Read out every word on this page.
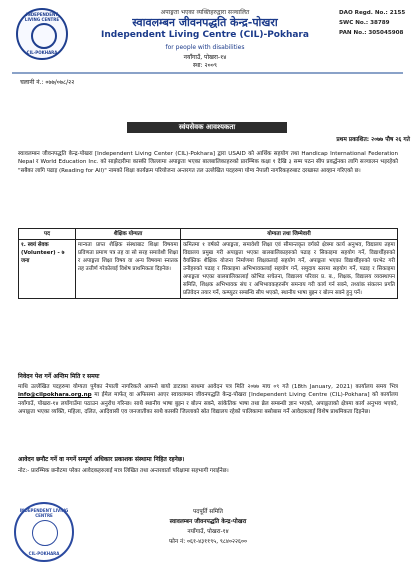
INDEPENDENT LIVING CENTRE
CIL-POKHARA
अपाङ्गता भएका व्यक्तिहरुद्वारा सञ्चालित
स्वावलम्बन जीवनपद्धति केन्द्र-पोखरा
Independent Living Centre (CIL)-Pokhara
for people with disabilities
नयाँगाउँ, पोखरा-१४
स्था: २००९
DAO Regd. No.: 2155
SWC No.: 38789
PAN No.: 305045908
चलानी नं.: ०७७/०७८/२२
स्वंयसेवक आवश्यकता
प्रथम प्रकाशित: २०७७ पौष २६ गते
स्वावलम्बन जीवनपद्धति केन्द्र-पोखरा [Independent Living Center (CIL)-Pokhara] द्वारा USAID को आर्थिक सहयोग तथा Handicap International Federation Nepal र World Education Inc. को साझेदारीमा कास्की जिल्लामा अपाङ्गता भएका बालबालिकाहरुको प्रारम्भिक कक्षा १ देखि ३ सम्म पठन सीप प्रवर्द्धनका लागि सञ्चालन भइरहेको "सबैका लागि पढाइ (Reading for All)" नामको शिक्षा कार्यक्रम परियोजना अन्तरगत तल उल्लेखित पदहरुमा योग्य नेपाली नागरिकहरुबाट दरखास्त आव्हान गरिएको छ।
पद	शैक्षिक योग्यता	योग्यता तथा जिम्मेवारी
१. स्वयं सेवक (Volunteer) - ७ जना	मान्यता प्राप्त शैक्षिक संस्थाबाट शिक्षा विषयमा प्रविणता प्रमाण पत्र तह वा सो सरह समावेशी शिक्षा र अपाङ्गता शिक्षा विषय वा अन्य विषयमा स्नातक तह उत्तीर्ण गरेकोलाई विशेष प्राथमिकता दिइनेछ।	कमितमा १ वर्षको अपाङ्गता, समावेशी शिक्षा एवं सीमान्तकृत वर्गको क्षेत्रमा कार्य अनुभव, विद्यालय तहमा विद्यालय प्रमुख गरी अपाङ्गता भएका बालबालिकाहरुको पढाइ र सिकाइमा सहयोग गर्ने, विद्यार्थीहरुको वैयक्तिक शैक्षिक योजना निर्माणमा शिक्षकलाई सहयोग गर्ने, अपाङ्गता भएका विद्यार्थीहरुको घरभेट गरी उनीहरुको पढाइ र सिकाइमा अभिभावकलाई सहयोग गर्ने, समुदाय स्तरमा सहयोग गर्ने, पढाइ र सिकाइमा अपाङ्गता भएका बालबालिकालाई कोभिड सचेतना, विद्यालय परिवार प्र. ब., शिक्षक, विद्यालय व्यवस्थापन समिति, शिक्षक अभिभावक संघ र अभिभावकहरुसँग समन्वय गरी कार्य गर्न सक्ने, तथ्यांक संकलन प्रगति प्रतिवेदन तयार गर्ने, कम्प्युटर सम्बन्धि सीप भएको, स्थानीय भाषा बुझ्न र बोल्न सक्ने हुनु पर्ने।
निवेदन पेश गर्ने अन्तिम मिति र समयः
माथि उल्लेखित पदहरुमा योग्यता पुगेका नेपाली नागरिकले आफ्नो बायो डाटाका साथमा आवेदन पत्र मिति २०७७ माघ ०९ गते (18th January, 2021) कार्यालय समय भित्र info@cilpokhara.org.np मा ईमेल मार्फत् वा अफिसमा आएर स्वावलम्बन जीवनपद्धति केन्द्र-पोखरा [Independent Living Centre (CIL)-Pokhara] को कार्यालय नयाँगाउँ, पोखरा-१४ लयाँगाउँमा पठाउन अनुरोध गरिन्छ। साथै स्थानीय भाषा बुझ्न र बोल्न सक्ने, सांकेतिक भाषा तथा ब्रेल सम्बन्धी ज्ञान भएको, अपाङ्गताको क्षेत्रमा कार्य अनुभव भएको, अपाङ्गता भएका व्यक्ति, महिला, दलित, आदिवासी एव जनजातीका साथै कास्की जिल्लाको स्रोत विद्यालय रहेको पालिकामा बसोबास गर्ने आवेदकलाई विशेष प्राथमिकता दिइनेछ।
आवेदन छनौट गर्ने वा नगर्ने सम्पूर्ण अधिकार प्रकाशक संस्थामा निहित रहनेछ।
नोट:- प्रारम्भिक छनौटमा परेका आवेदकहरुलाई मात्र लिखित तथा अन्तरवार्ता परिक्षामा सहभागी गराईनेछ।
INDEPENDENT LIVING CENTRE
CIL-POKHARA
पदपूर्ति समिति
स्वावलम्बन जीवनपद्धति केन्द्र-पोखरा
नयाँगाउँ, पोखरा-१४
फोन नं: ०६१-४३११९५, ९८४०२२६००
